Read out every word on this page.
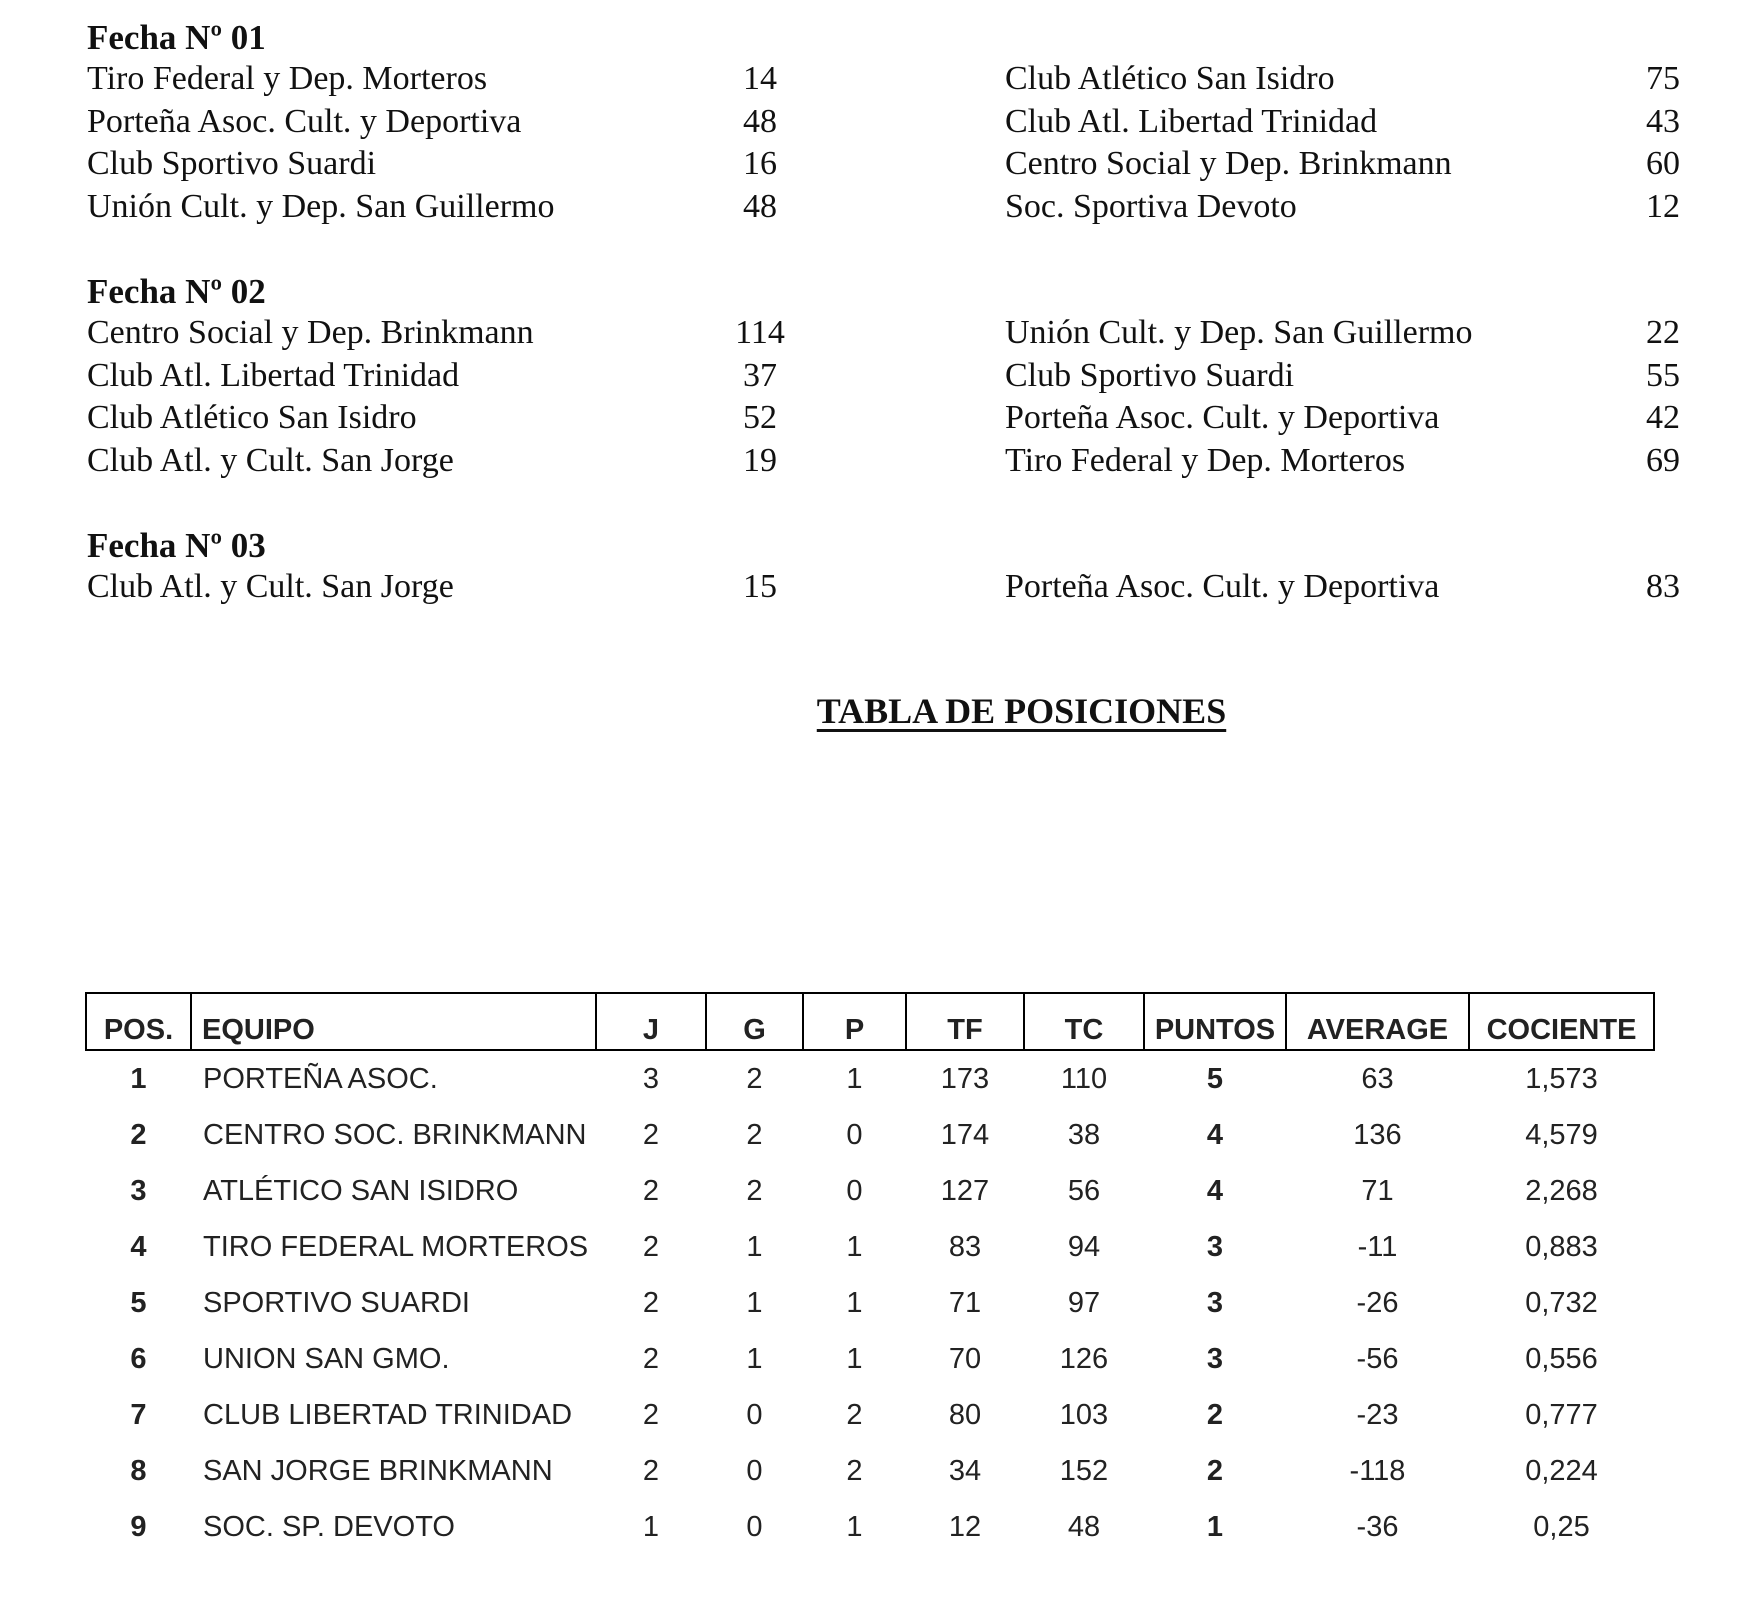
Fecha Nº 01
Tiro Federal y Dep. Morteros	14	Club Atlético San Isidro	75
Porteña Asoc. Cult. y Deportiva	48	Club Atl. Libertad Trinidad	43
Club Sportivo Suardi	16	Centro Social y Dep. Brinkmann	60
Unión Cult. y Dep. San Guillermo	48	Soc. Sportiva Devoto	12
Fecha Nº 02
Centro Social y Dep. Brinkmann	114	Unión Cult. y Dep. San Guillermo	22
Club Atl. Libertad Trinidad	37	Club Sportivo Suardi	55
Club Atlético San Isidro	52	Porteña Asoc. Cult. y Deportiva	42
Club Atl. y Cult. San Jorge	19	Tiro Federal y Dep. Morteros	69
Fecha Nº 03
Club Atl. y Cult. San Jorge	15	Porteña Asoc. Cult. y Deportiva	83
TABLA DE POSICIONES
POS.	EQUIPO	J	G	P	TF	TC	PUNTOS	AVERAGE	COCIENTE
1	PORTEÑA ASOC.	3	2	1	173	110	5	63	1,573
2	CENTRO SOC. BRINKMANN	2	2	0	174	38	4	136	4,579
3	ATLÉTICO SAN ISIDRO	2	2	0	127	56	4	71	2,268
4	TIRO FEDERAL MORTEROS	2	1	1	83	94	3	-11	0,883
5	SPORTIVO SUARDI	2	1	1	71	97	3	-26	0,732
6	UNION SAN GMO.	2	1	1	70	126	3	-56	0,556
7	CLUB LIBERTAD TRINIDAD	2	0	2	80	103	2	-23	0,777
8	SAN JORGE BRINKMANN	2	0	2	34	152	2	-118	0,224
9	SOC. SP. DEVOTO	1	0	1	12	48	1	-36	0,25
